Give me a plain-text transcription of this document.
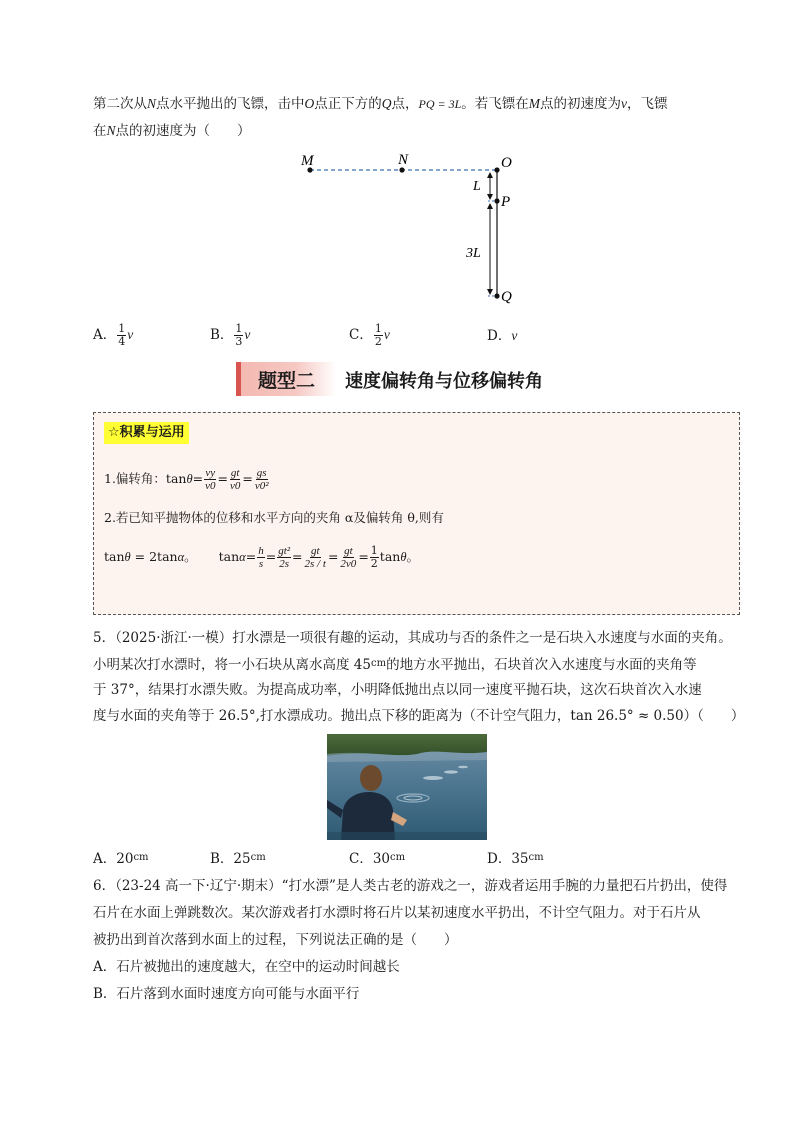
第二次从N点水平抛出的飞镖，击中O点正下方的Q点，PQ = 3L。若飞镖在M点的初速度为v，飞镖
在N点的初速度为（　　）
M	N	O
P
Q
L
3L
A． $\frac{1}{4}$ v	B． $\frac{1}{3}$ v	C． $\frac{1}{2}$ v	D．v
题型二 速度偏转角与位移偏转角
☆积累与运用
1.偏转角：$\tan\theta= \frac{vy}{v0} = \frac{gt}{v0} = \frac{gs}{\text{v0²}}$
2.若已知平抛物体的位移和水平方向的夹角 α及偏转角 θ,则有
tanθ = 2tanα。 $\tan\alpha= \frac{h}{s} = \frac{\text{gt²}}{2s} = \frac{gt}{2s / t} = \frac{gt}{2v0} = \frac{1}{2}$ tanθ。
5．（2025·浙江·一模）打水漂是一项很有趣的运动，其成功与否的条件之一是石块入水速度与水面的夹角。
小明某次打水漂时，将一小石块从离水高度 $45^{cm}$的地方水平抛出，石块首次入水速度与水面的夹角等
于 37°，结果打水漂失败。为提高成功率，小明降低抛出点以同一速度平抛石块，这次石块首次入水速
度与水面的夹角等于 26.5°,打水漂成功。抛出点下移的距离为（不计空气阻力，tan 26.5° ≈ 0.50）（　　）
A．$20^{cm}$	B．$25^{cm}$	C．$30^{cm}$	D．$35^{cm}$
6．（23-24 高一下·辽宁·期末）“打水漂”是人类古老的游戏之一，游戏者运用手腕的力量把石片扔出，使得
石片在水面上弹跳数次。某次游戏者打水漂时将石片以某初速度水平扔出，不计空气阻力。对于石片从
被扔出到首次落到水面上的过程，下列说法正确的是（　　）
A．石片被抛出的速度越大，在空中的运动时间越长
B．石片落到水面时速度方向可能与水面平行
